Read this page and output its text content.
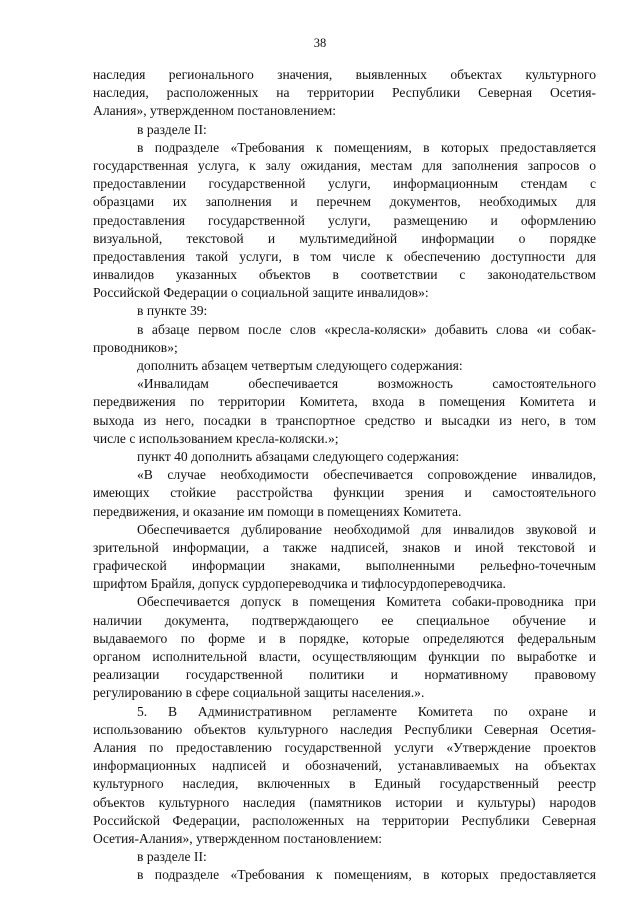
38
наследия регионального значения, выявленных объектах культурного
наследия, расположенных на территории Республики Северная Осетия-
Алания», утвержденном постановлением:
в разделе II:
в подразделе «Требования к помещениям, в которых предоставляется
государственная услуга, к залу ожидания, местам для заполнения запросов о
предоставлении государственной услуги, информационным стендам с
образцами их заполнения и перечнем документов, необходимых для
предоставления государственной услуги, размещению и оформлению
визуальной, текстовой и мультимедийной информации о порядке
предоставления такой услуги, в том числе к обеспечению доступности для
инвалидов указанных объектов в соответствии с законодательством
Российской Федерации о социальной защите инвалидов»:
в пункте 39:
в абзаце первом после слов «кресла-коляски» добавить слова «и собак-
проводников»;
дополнить абзацем четвертым следующего содержания:
«Инвалидам обеспечивается возможность самостоятельного
передвижения по территории Комитета, входа в помещения Комитета и
выхода из него, посадки в транспортное средство и высадки из него, в том
числе с использованием кресла-коляски.»;
пункт 40 дополнить абзацами следующего содержания:
«В случае необходимости обеспечивается сопровождение инвалидов,
имеющих стойкие расстройства функции зрения и самостоятельного
передвижения, и оказание им помощи в помещениях Комитета.
Обеспечивается дублирование необходимой для инвалидов звуковой и
зрительной информации, а также надписей, знаков и иной текстовой и
графической информации знаками, выполненными рельефно-точечным
шрифтом Брайля, допуск сурдопереводчика и тифлосурдопереводчика.
Обеспечивается допуск в помещения Комитета собаки-проводника при
наличии документа, подтверждающего ее специальное обучение и
выдаваемого по форме и в порядке, которые определяются федеральным
органом исполнительной власти, осуществляющим функции по выработке и
реализации государственной политики и нормативному правовому
регулированию в сфере социальной защиты населения.».
5. В Административном регламенте Комитета по охране и
использованию объектов культурного наследия Республики Северная Осетия-
Алания по предоставлению государственной услуги «Утверждение проектов
информационных надписей и обозначений, устанавливаемых на объектах
культурного наследия, включенных в Единый государственный реестр
объектов культурного наследия (памятников истории и культуры) народов
Российской Федерации, расположенных на территории Республики Северная
Осетия-Алания», утвержденном постановлением:
в разделе II:
в подразделе «Требования к помещениям, в которых предоставляется
